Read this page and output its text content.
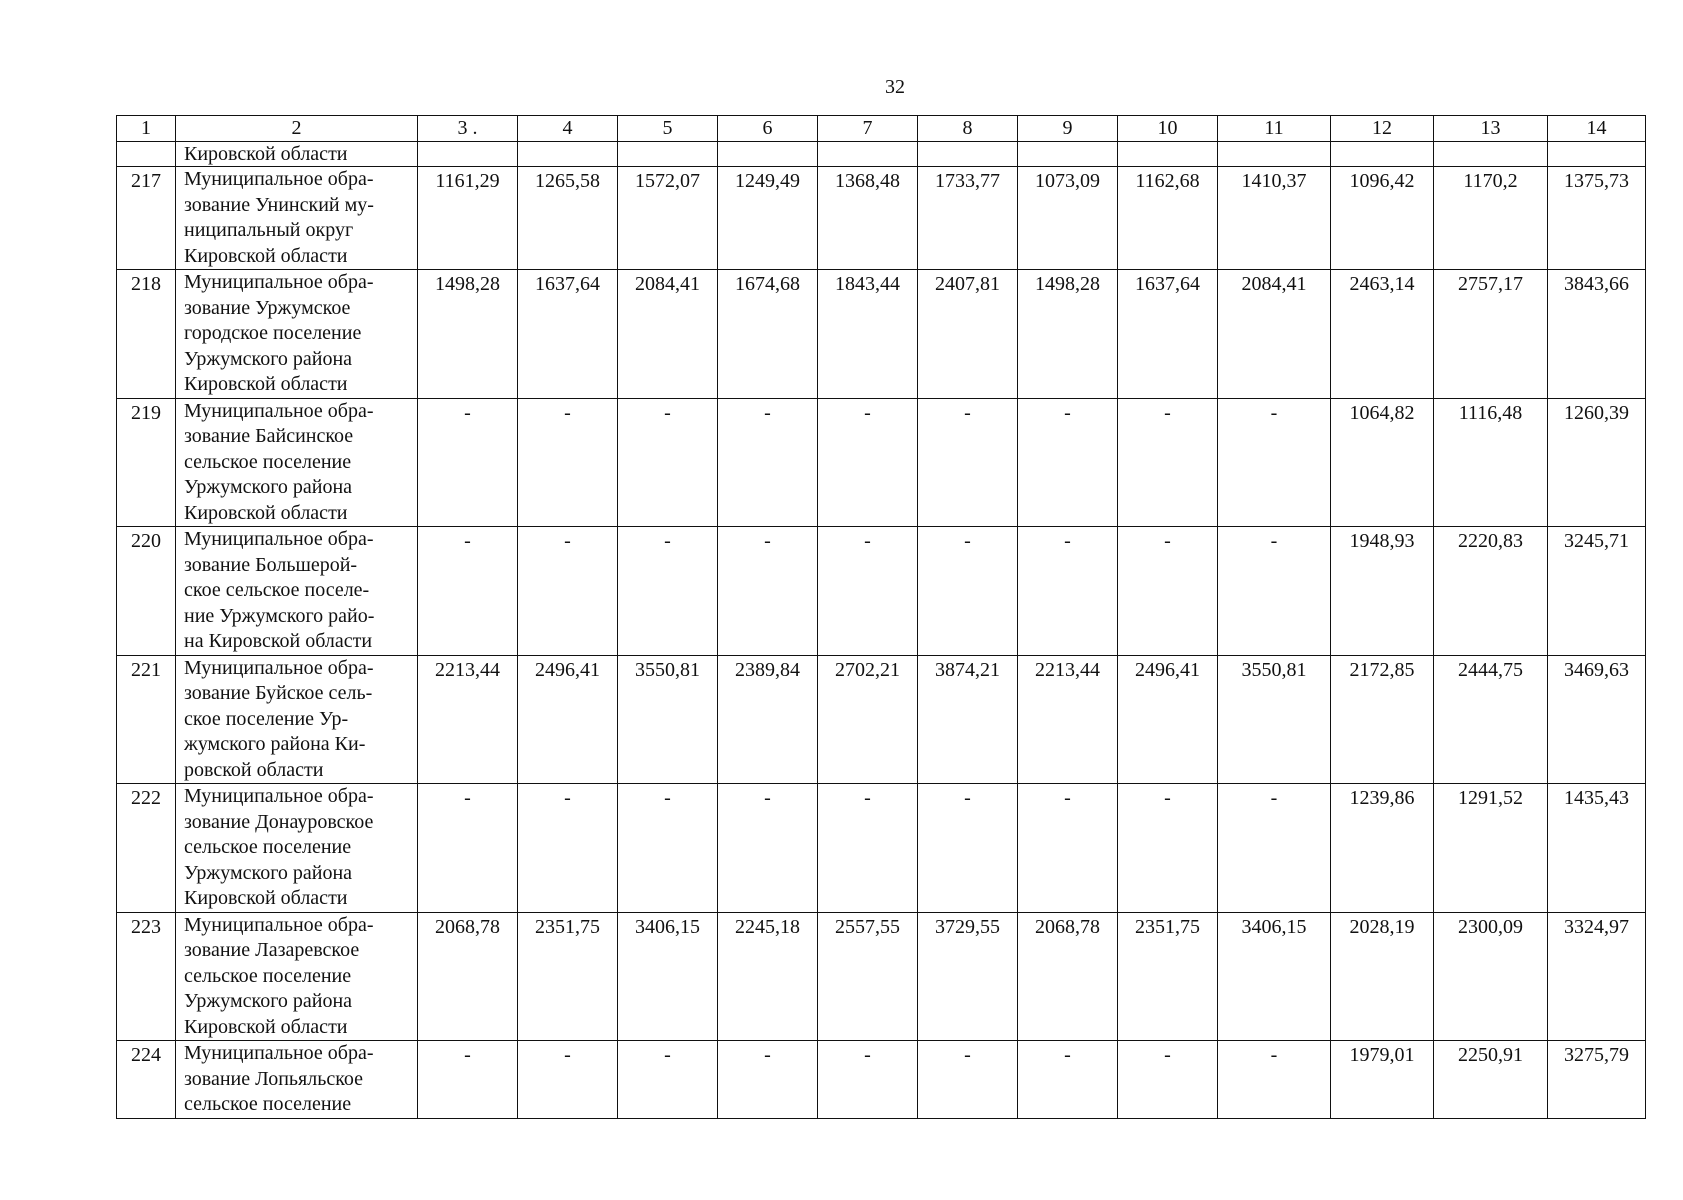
32
1	2	3 .	4	5	6	7	8	9	10	11	12	13	14
	Кировской области												
217	Муниципальное обра-
зование Унинский му-
ниципальный округ
Кировской области	1161,29	1265,58	1572,07	1249,49	1368,48	1733,77	1073,09	1162,68	1410,37	1096,42	1170,2	1375,73
218	Муниципальное обра-
зование Уржумское
городское поселение
Уржумского района
Кировской области	1498,28	1637,64	2084,41	1674,68	1843,44	2407,81	1498,28	1637,64	2084,41	2463,14	2757,17	3843,66
219	Муниципальное обра-
зование Байсинское
сельское поселение
Уржумского района
Кировской области	-	-	-	-	-	-	-	-	-	1064,82	1116,48	1260,39
220	Муниципальное обра-
зование Большерой-
ское сельское поселе-
ние Уржумского райо-
на Кировской области	-	-	-	-	-	-	-	-	-	1948,93	2220,83	3245,71
221	Муниципальное обра-
зование Буйское сель-
ское поселение Ур-
жумского района Ки-
ровской области	2213,44	2496,41	3550,81	2389,84	2702,21	3874,21	2213,44	2496,41	3550,81	2172,85	2444,75	3469,63
222	Муниципальное обра-
зование Донауровское
сельское поселение
Уржумского района
Кировской области	-	-	-	-	-	-	-	-	-	1239,86	1291,52	1435,43
223	Муниципальное обра-
зование Лазаревское
сельское поселение
Уржумского района
Кировской области	2068,78	2351,75	3406,15	2245,18	2557,55	3729,55	2068,78	2351,75	3406,15	2028,19	2300,09	3324,97
224	Муниципальное обра-
зование Лопьяльское
сельское поселение	-	-	-	-	-	-	-	-	-	1979,01	2250,91	3275,79
